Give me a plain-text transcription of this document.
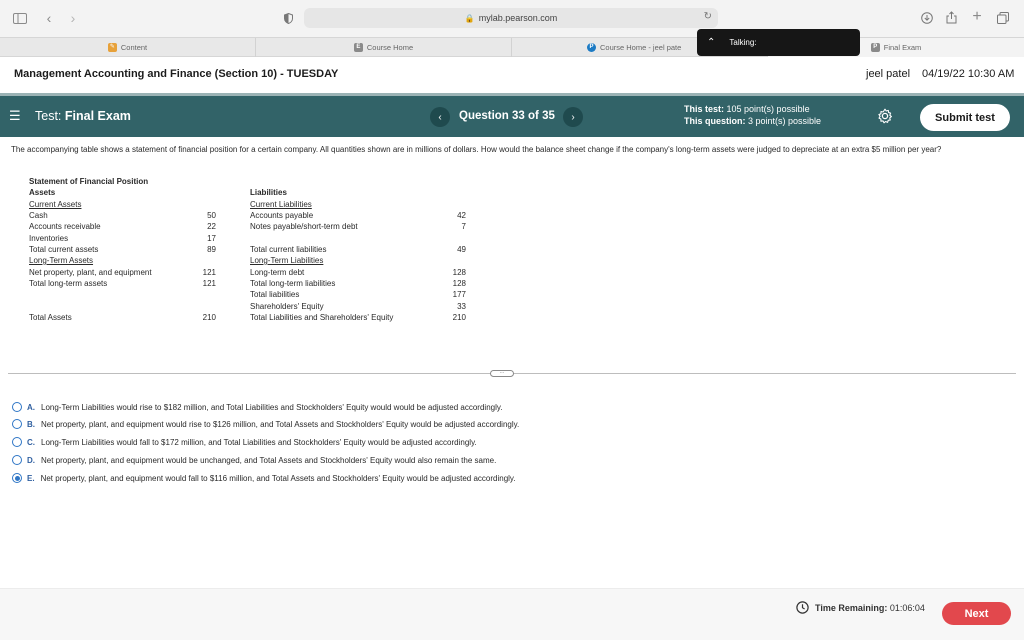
‹	›	🔒 mylab.pearson.com	↻	+
✎ Content	E Course Home	P Course Home - jeel pate	P Final Exam
⌃ Talking:
Management Accounting and Finance (Section 10) - TUESDAY	jeel patel 04/19/22 10:30 AM
☰ Test: Final Exam	‹	Question 33 of 35	›
This test: 105 point(s) possible
This question: 3 point(s) possible	Submit test
The accompanying table shows a statement of financial position for a certain company. All quantities shown are in millions of dollars. How would the balance sheet change if the company's long-term assets were judged to depreciate at an extra $5 million per year?
Statement of Financial Position
Assets
Current Assets
Cash	50
Accounts receivable	22
Inventories	17
Total current assets	89
Long-Term Assets
Net property, plant, and equipment	121
Total long-term assets	121
Total Assets	210
Liabilities
Current Liabilities
Accounts payable	42
Notes payable/short-term debt	7
Total current liabilities	49
Long-Term Liabilities
Long-term debt	128
Total long-term liabilities	128
Total liabilities	177
Shareholders' Equity	33
Total Liabilities and Shareholders' Equity	210
···
A. Long-Term Liabilities would rise to $182 million, and Total Liabilities and Stockholders' Equity would would be adjusted accordingly.
B. Net property, plant, and equipment would rise to $126 million, and Total Assets and Stockholders' Equity would be adjusted accordingly.
C. Long-Term Liabilities would fall to $172 million, and Total Liabilities and Stockholders' Equity would be adjusted accordingly.
D. Net property, plant, and equipment would be unchanged, and Total Assets and Stockholders' Equity would also remain the same.
E. Net property, plant, and equipment would fall to $116 million, and Total Assets and Stockholders' Equity would be adjusted accordingly.
Time Remaining: 01:06:04	Next
